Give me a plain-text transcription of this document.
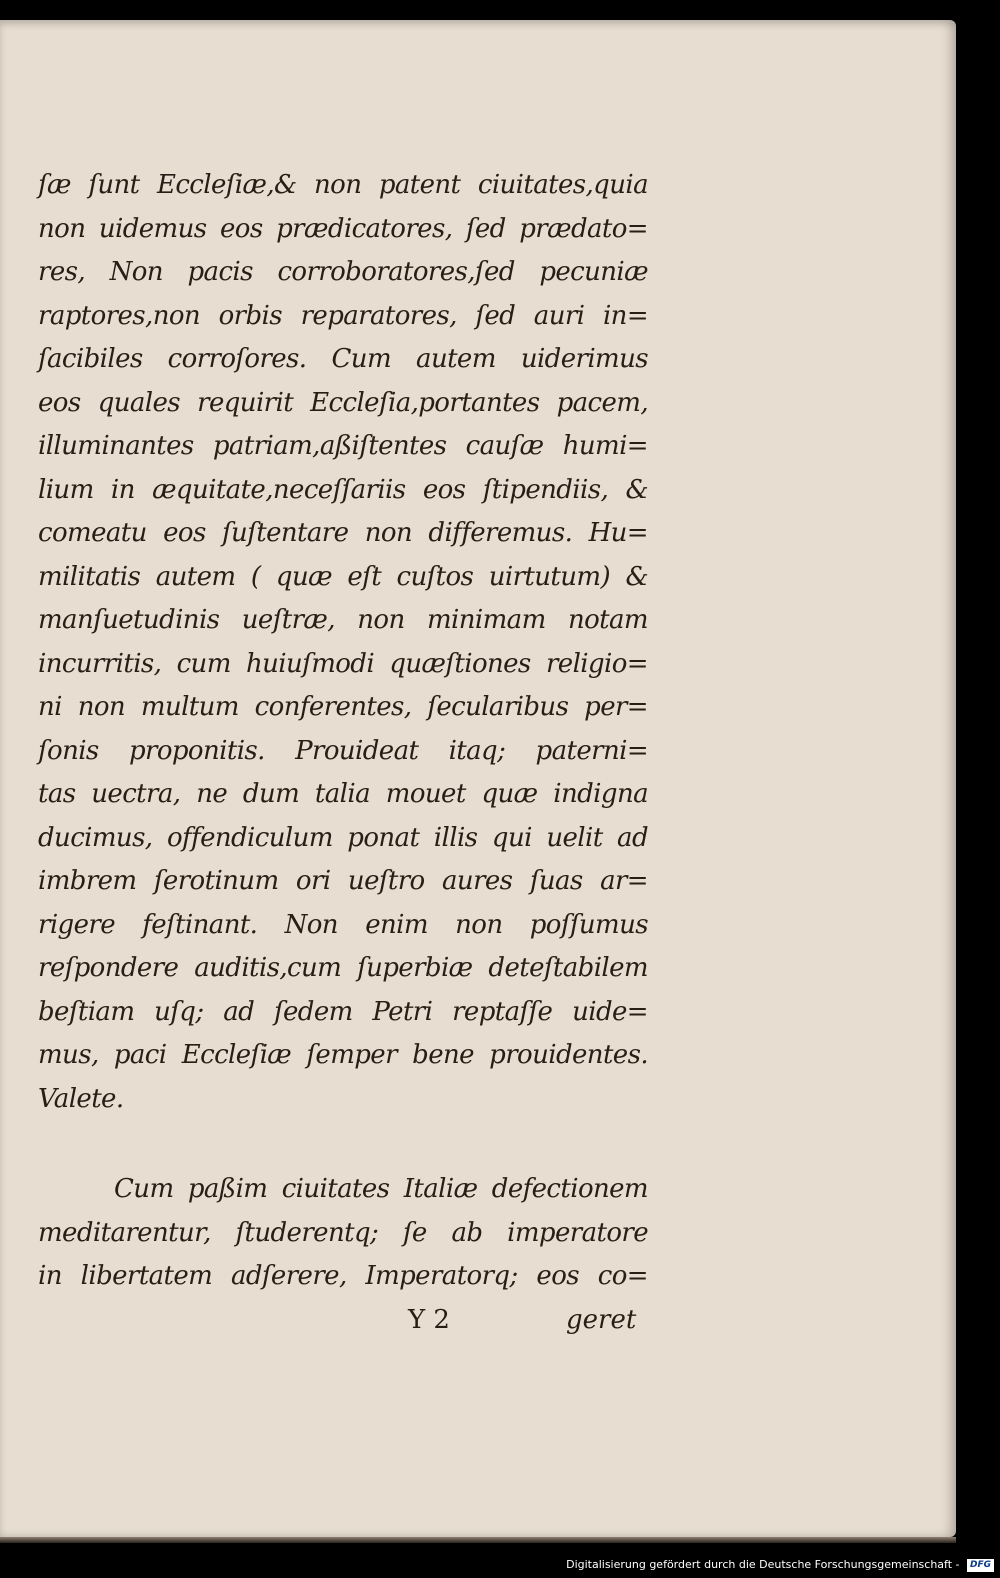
ſæ ſunt Eccleſiæ,& non patent ciuitates,quia
non uidemus eos prædicatores, ſed prædato=
res, Non pacis corroboratores,ſed pecuniæ
raptores,non orbis reparatores, ſed auri in=
ſacibiles corroſores. Cum autem uiderimus
eos quales requirit Eccleſia,portantes pacem,
illuminantes patriam,aßiſtentes cauſæ humi=
lium in æquitate,neceſſariis eos ſtipendiis, &
comeatu eos ſuſtentare non differemus. Hu=
militatis autem ( quæ eſt cuſtos uirtutum) &
manſuetudinis ueſtræ, non minimam notam
incurritis, cum huiuſmodi quæſtiones religio=
ni non multum conferentes, ſecularibus per=
ſonis proponitis. Prouideat itaq; paterni=
tas uectra, ne dum talia mouet quæ indigna
ducimus, offendiculum ponat illis qui uelit ad
imbrem ſerotinum ori ueſtro aures ſuas ar=
rigere feſtinant. Non enim non poſſumus
reſpondere auditis,cum ſuperbiæ deteſtabilem
beſtiam uſq; ad ſedem Petri reptaſſe uide=
mus, paci Eccleſiæ ſemper bene prouidentes.
Valete.
Cum paßim ciuitates Italiæ defectionem
meditarentur, ſtuderentq; ſe ab imperatore
in libertatem adſerere, Imperatorq; eos co=
Y 2	geret
Digitalisierung gefördert durch die Deutsche Forschungsgemeinschaft - DFG
